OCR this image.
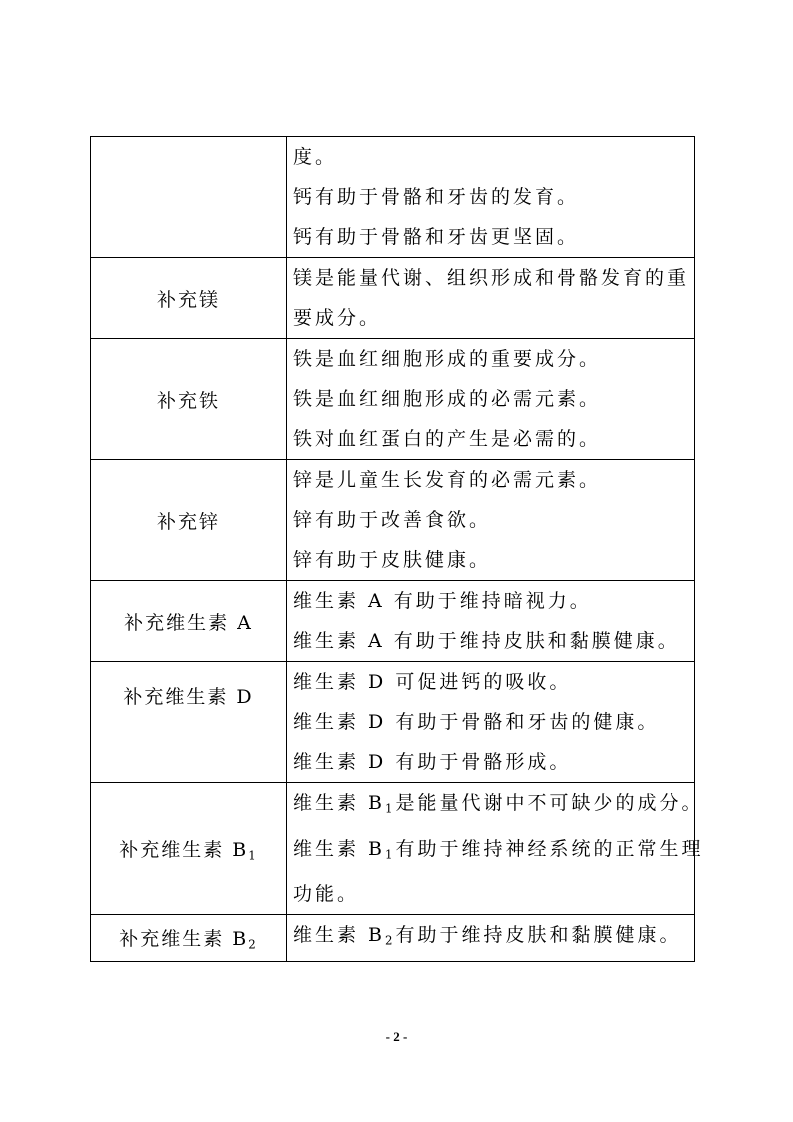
	度。
钙有助于骨骼和牙齿的发育。
钙有助于骨骼和牙齿更坚固。

补充镁	镁是能量代谢、组织形成和骨骼发育的重
要成分。

补充铁	铁是血红细胞形成的重要成分。
铁是血红细胞形成的必需元素。
铁对血红蛋白的产生是必需的。

补充锌	锌是儿童生长发育的必需元素。
锌有助于改善食欲。
锌有助于皮肤健康。

补充维生素 A	维生素 A 有助于维持暗视力。
维生素 A 有助于维持皮肤和黏膜健康。

补充维生素 D	维生素 D 可促进钙的吸收。
维生素 D 有助于骨骼和牙齿的健康。
维生素 D 有助于骨骼形成。

补充维生素 $B_1$	维生素 $B_1$是能量代谢中不可缺少的成分。
维生素 $B_1$有助于维持神经系统的正常生理
功能。

补充维生素 $B_2$	维生素 $B_2$有助于维持皮肤和黏膜健康。
- 2 -
